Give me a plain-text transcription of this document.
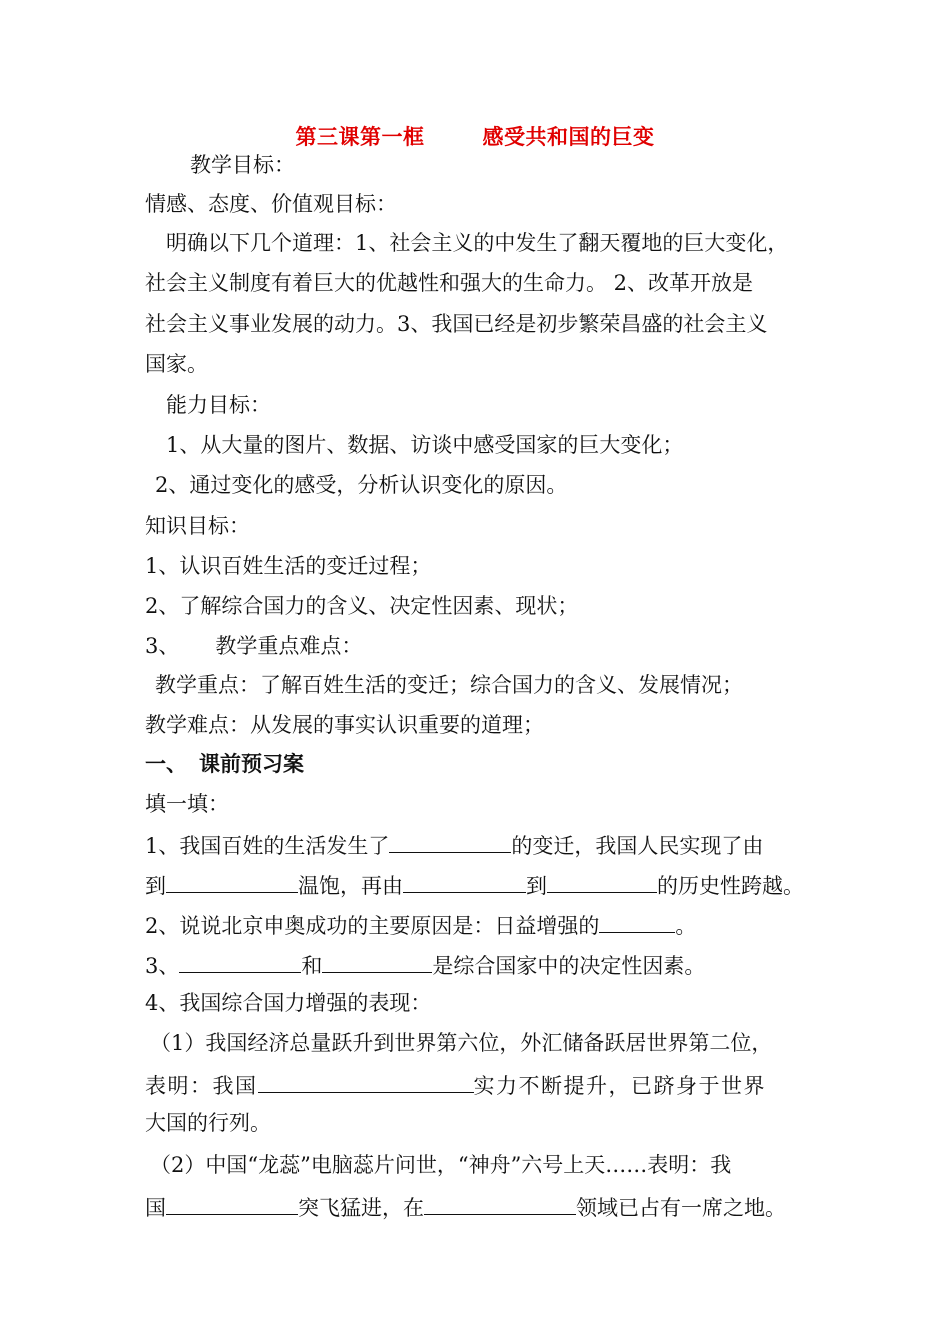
第三课第一框	感受共和国的巨变
教学目标：
情感、态度、价值观目标：
明确以下几个道理：1、社会主义的中发生了翻天覆地的巨大变化，
社会主义制度有着巨大的优越性和强大的生命力。 2、改革开放是
社会主义事业发展的动力。3、我国已经是初步繁荣昌盛的社会主义
国家。
能力目标：
1、从大量的图片、数据、访谈中感受国家的巨大变化；
2、通过变化的感受，分析认识变化的原因。
知识目标：
1、认识百姓生活的变迁过程；
2、了解综合国力的含义、决定性因素、现状；
3、 教学重点难点：
教学重点：了解百姓生活的变迁；综合国力的含义、发展情况；
教学难点：从发展的事实认识重要的道理；
一、 课前预习案
填一填：
1、我国百姓的生活发生了	的变迁，我国人民实现了由
到	温饱，再由	到	的历史性跨越。
2、说说北京申奥成功的主要原因是：日益增强的	。
3、	和	是综合国家中的决定性因素。
4、我国综合国力增强的表现：
（1）我国经济总量跃升到世界第六位，外汇储备跃居世界第二位，
表明：我国	实力不断提升，已跻身于世界
大国的行列。
（2）中国“龙蕊”电脑蕊片问世，“神舟”六号上天……表明：我
国	突飞猛进，在	领域已占有一席之地。
